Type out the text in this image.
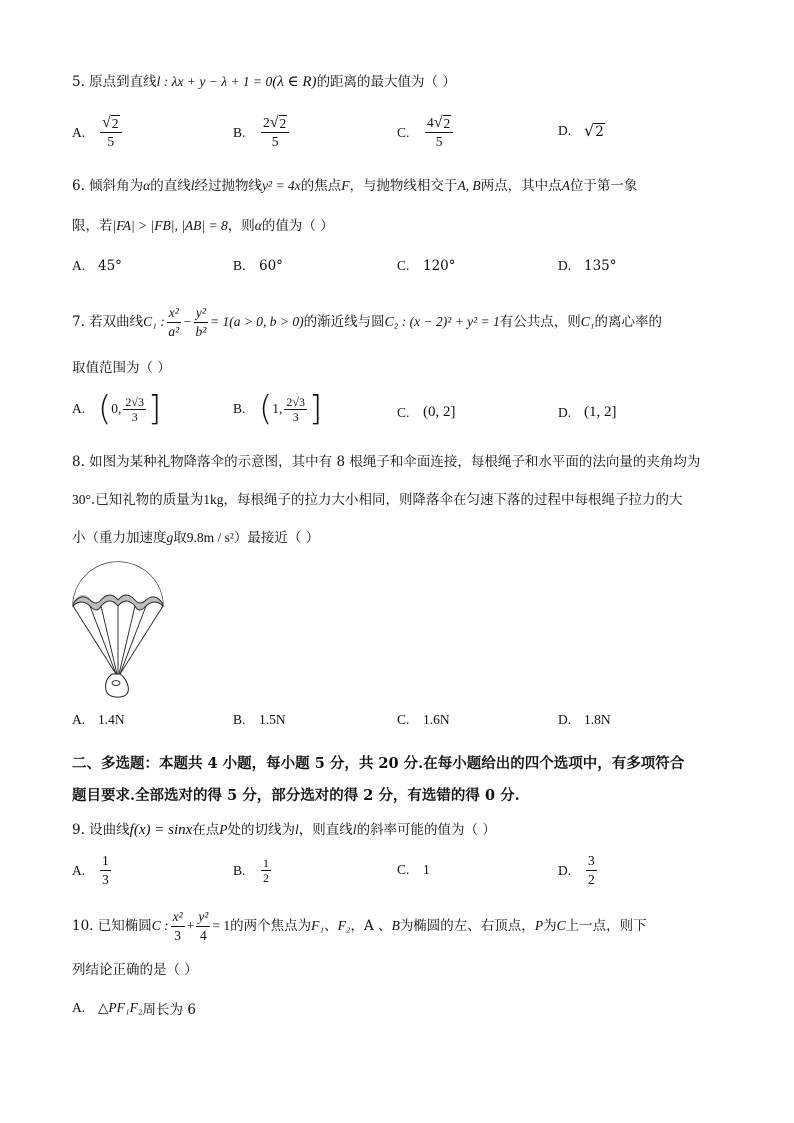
5. 原点到直线l : λx + y − λ + 1 = 0(λ ∈ R)的距离的最大值为（ ）
A. $\frac{√ 2}{5}$	B.	$\frac{2 √ 2}{5}$	C.	$\frac{4 √ 2}{5}$	D. √ 2
6. 倾斜角为α的直线l经过抛物线y² = 4x的焦点F，与抛物线相交于A, B两点，其中点A位于第一象
限，若|FA| > |FB|, |AB| = 8，则α的值为（ ）
A. 45°	B.	60°	C.	120°	D. 135°
7. 若双曲线 C₁ : $\frac{\text{x²}}{\text{a²}} - \frac{\text{y²}}{\text{b²}} = 1(a > 0$, b > 0) 的渐近线与圆 C₂ : (x − 2)² + y² = 1 有公共点，则 C₁ 的离心率的
取值范围为（ ）
A. ( 0, $\frac{2√3}{3}$ ]	B. ( 1, $\frac{2√3}{3}$ ]	C. (0, 2]	D. (1, 2]
8. 如图为某种礼物降落伞的示意图，其中有 8 根绳子和伞面连接，每根绳子和水平面的法向量的夹角均为
30°.已知礼物的质量为1kg，每根绳子的拉力大小相同，则降落伞在匀速下落的过程中每根绳子拉力的大
小（重力加速度g取9.8m / s²）最接近（ ）
A. 1.4N	B.	1.5N	C.	1.6N	D. 1.8N
二、多选题：本题共 4 小题，每小题 5 分，共 20 分.在每小题给出的四个选项中，有多项符合
题目要求.全部选对的得 5 分，部分选对的得 2 分，有选错的得 0 分.
9. 设曲线f(x) = sinx在点P处的切线为l，则直线l的斜率可能的值为（ ）
A.	$\frac{1}{3}$	B.	$\frac{1}{2}$	C.	1	D.	$\frac{3}{2}$
10. 已知椭圆 C : $\frac{\text{x²}}{3} + \frac{\text{y²}}{4} = 1$ 的两个焦点为 F₁ 、 F₂ ，A 、 B 为椭圆的左、右顶点， P 为 C 上一点，则下
列结论正确的是（ ）
A. △ PF₁F₂ 周长为 6
